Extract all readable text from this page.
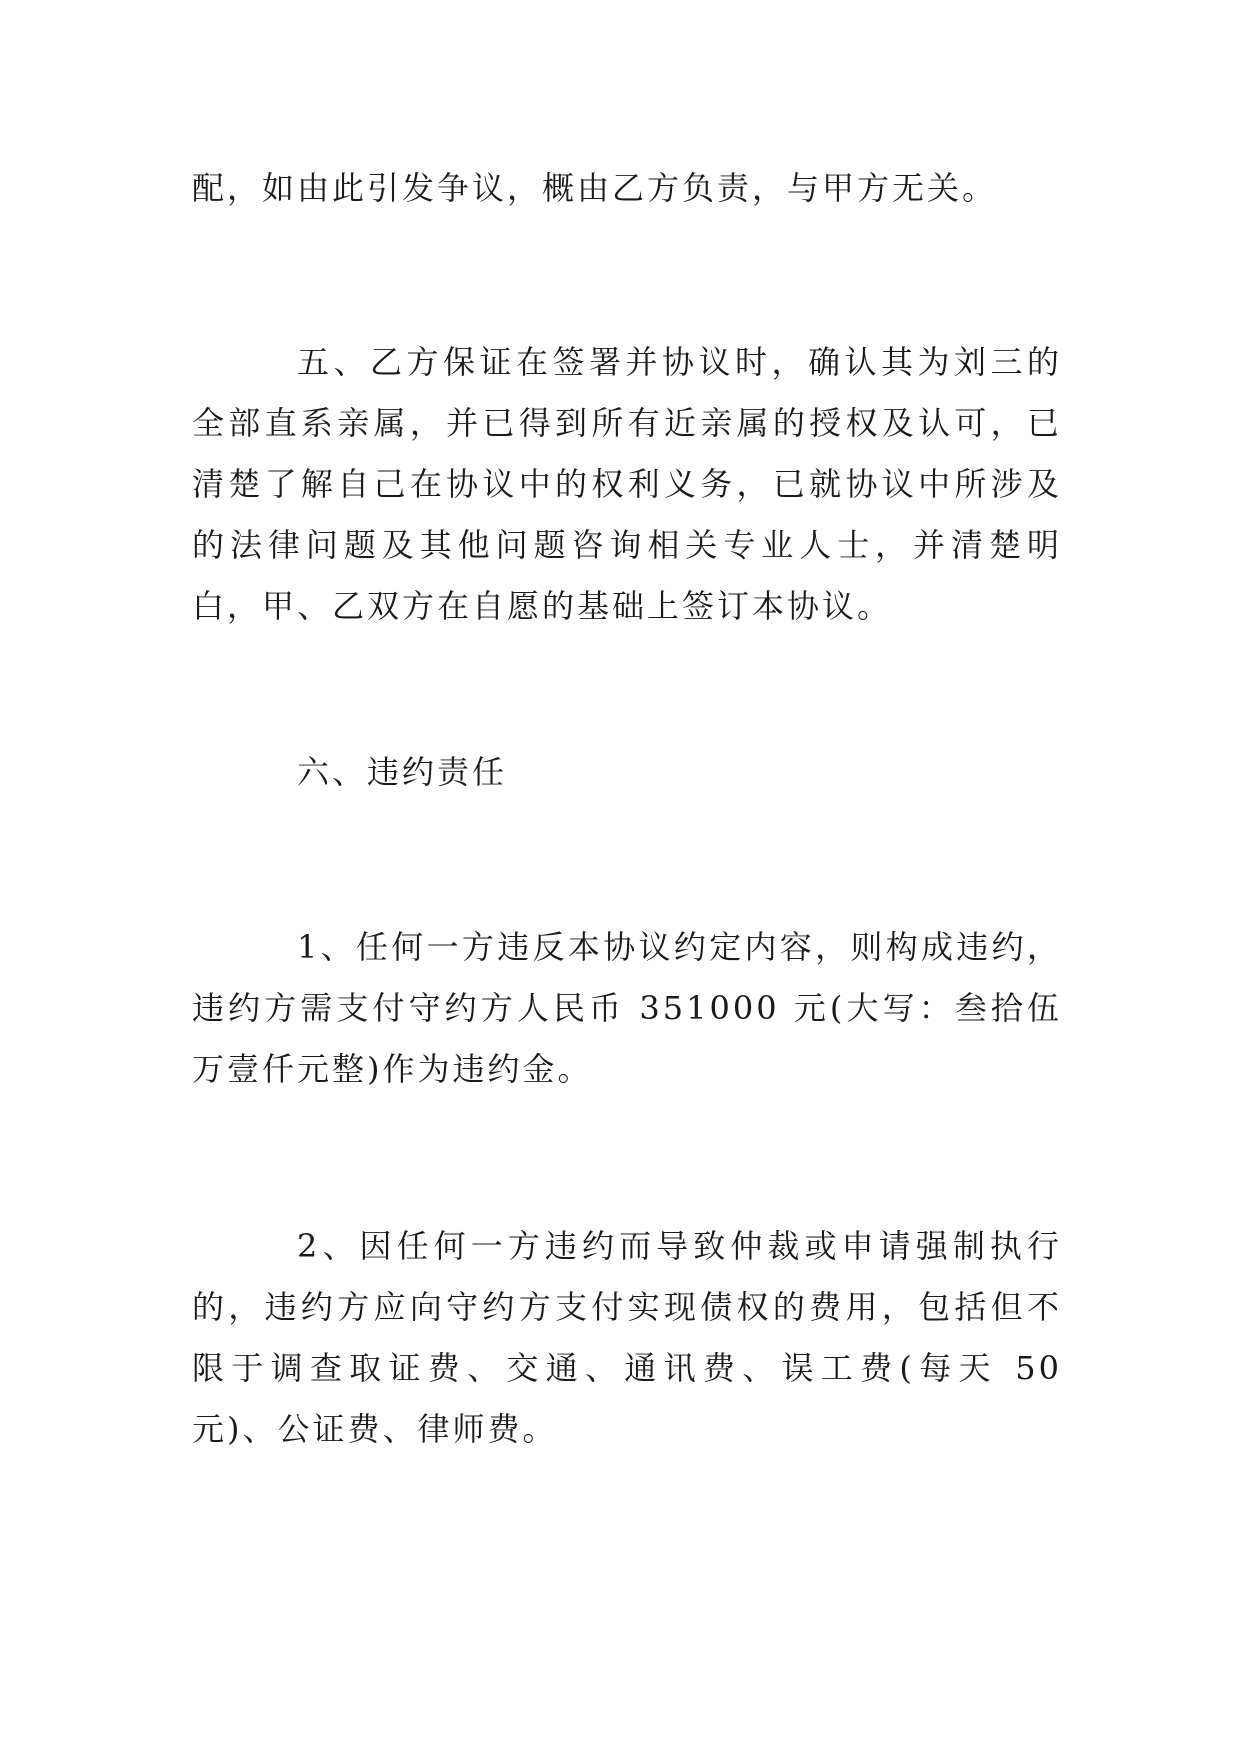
配，如由此引发争议，概由乙方负责，与甲方无关。

五、乙方保证在签署并协议时，确认其为刘三的全部直系亲属，并已得到所有近亲属的授权及认可，已清楚了解自己在协议中的权利义务，已就协议中所涉及的法律问题及其他问题咨询相关专业人士，并清楚明白，甲、乙双方在自愿的基础上签订本协议。

六、违约责任

1、任何一方违反本协议约定内容，则构成违约，违约方需支付守约方人民币 351000 元(大写：叁拾伍万壹仟元整)作为违约金。

2、因任何一方违约而导致仲裁或申请强制执行的，违约方应向守约方支付实现债权的费用，包括但不限于调查取证费、交通、通讯费、误工费(每天 50 元)、公证费、律师费。
